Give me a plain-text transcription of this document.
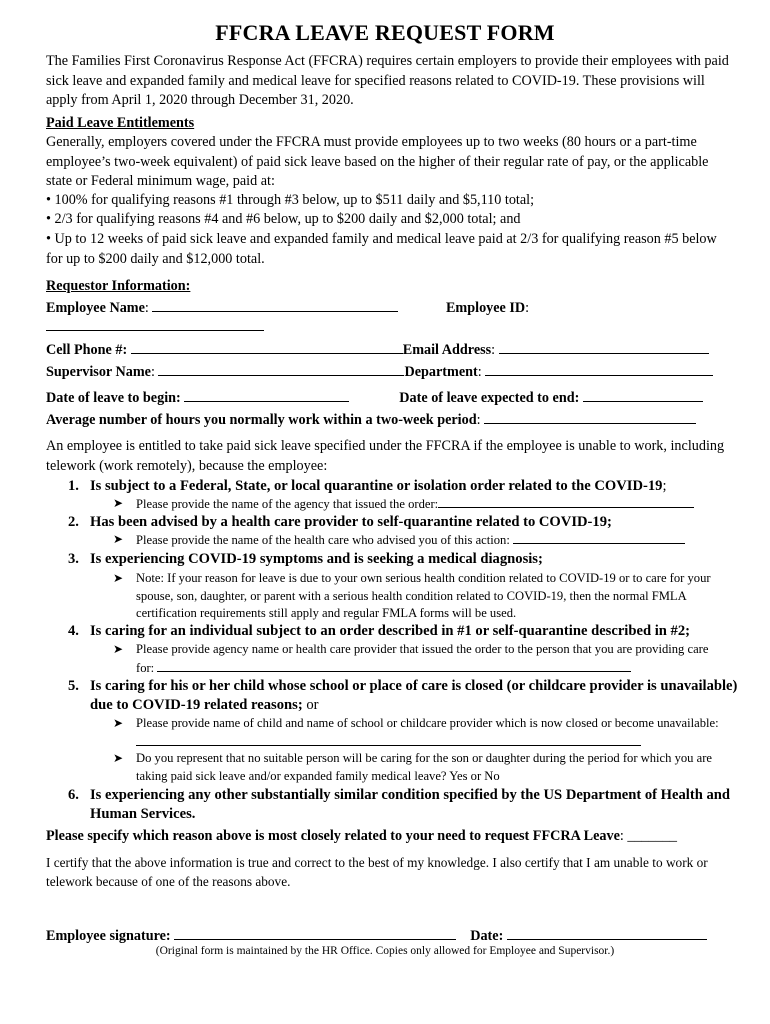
FFCRA LEAVE REQUEST FORM
The Families First Coronavirus Response Act (FFCRA) requires certain employers to provide their employees with paid sick leave and expanded family and medical leave for specified reasons related to COVID-19. These provisions will apply from April 1, 2020 through December 31, 2020.
Paid Leave Entitlements
Generally, employers covered under the FFCRA must provide employees up to two weeks (80 hours or a part-time employee’s two-week equivalent) of paid sick leave based on the higher of their regular rate of pay, or the applicable state or Federal minimum wage, paid at:
• 100% for qualifying reasons #1 through #3 below, up to $511 daily and $5,110 total;
• 2/3 for qualifying reasons #4 and #6 below, up to $200 daily and $2,000 total; and
• Up to 12 weeks of paid sick leave and expanded family and medical leave paid at 2/3 for qualifying reason #5 below for up to $200 daily and $12,000 total.
Requestor Information:
Employee Name:	Employee ID:
Cell Phone #:	Email Address:
Supervisor Name:	Department:
Date of leave to begin:	Date of leave expected to end:
Average number of hours you normally work within a two-week period:
An employee is entitled to take paid sick leave specified under the FFCRA if the employee is unable to work, including telework (work remotely), because the employee:
1. Is subject to a Federal, State, or local quarantine or isolation order related to the COVID-19;
➤ Please provide the name of the agency that issued the order:
2. Has been advised by a health care provider to self-quarantine related to COVID-19;
➤ Please provide the name of the health care who advised you of this action:
3. Is experiencing COVID-19 symptoms and is seeking a medical diagnosis;
➤ Note: If your reason for leave is due to your own serious health condition related to COVID-19 or to care for your spouse, son, daughter, or parent with a serious health condition related to COVID-19, then the normal FMLA certification requirements still apply and regular FMLA forms will be used.
4. Is caring for an individual subject to an order described in #1 or self-quarantine described in #2;
➤ Please provide agency name or health care provider that issued the order to the person that you are providing care for:
5. Is caring for his or her child whose school or place of care is closed (or childcare provider is unavailable) due to COVID-19 related reasons; or
➤ Please provide name of child and name of school or childcare provider which is now closed or become unavailable:
➤ Do you represent that no suitable person will be caring for the son or daughter during the period for which you are taking paid sick leave and/or expanded family medical leave? Yes or No
6. Is experiencing any other substantially similar condition specified by the US Department of Health and Human Services.
Please specify which reason above is most closely related to your need to request FFCRA Leave: _______
I certify that the above information is true and correct to the best of my knowledge. I also certify that I am unable to work or telework because of one of the reasons above.
Employee signature:	Date:
(Original form is maintained by the HR Office. Copies only allowed for Employee and Supervisor.)
